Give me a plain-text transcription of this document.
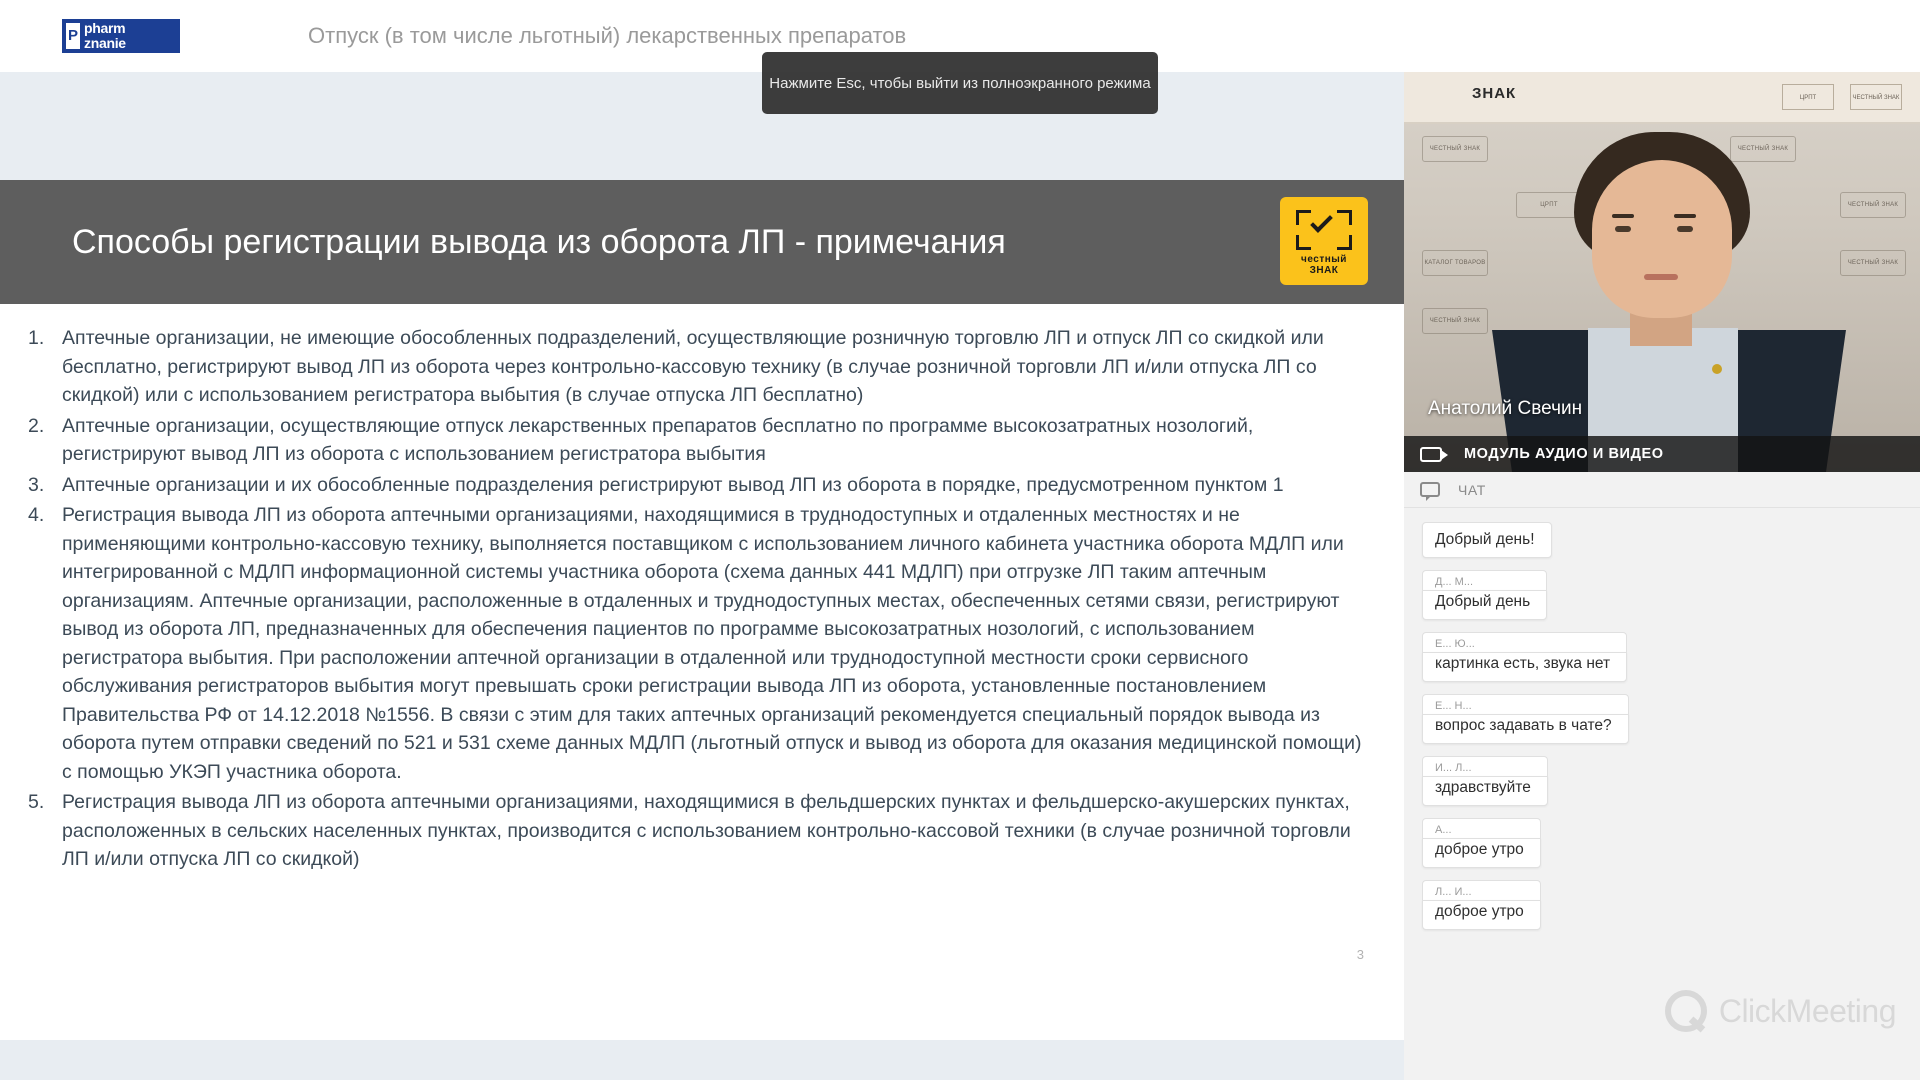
P pharm
znanie	Отпуск (в том числе льготный) лекарственных препаратов
Нажмите Esc, чтобы выйти из полноэкранного режима
Способы регистрации вывода из оборота ЛП - примечания	честный
ЗНАК
Аптечные организации, не имеющие обособленных подразделений, осуществляющие розничную торговлю ЛП и отпуск ЛП со скидкой или бесплатно, регистрируют вывод ЛП из оборота через контрольно-кассовую технику (в случае розничной торговли ЛП и/или отпуска ЛП со скидкой) или с использованием регистратора выбытия (в случае отпуска ЛП бесплатно)
Аптечные организации, осуществляющие отпуск лекарственных препаратов бесплатно по программе высокозатратных нозологий, регистрируют вывод ЛП из оборота с использованием регистратора выбытия
Аптечные организации и их обособленные подразделения регистрируют вывод ЛП из оборота в порядке, предусмотренном пунктом 1
Регистрация вывода ЛП из оборота аптечными организациями, находящимися в труднодоступных и отдаленных местностях и не применяющими контрольно-кассовую технику, выполняется поставщиком с использованием личного кабинета участника оборота МДЛП или интегрированной с МДЛП информационной системы участника оборота (схема данных 441 МДЛП) при отгрузке ЛП таким аптечным организациям. Аптечные организации, расположенные в отдаленных и труднодоступных местах, обеспеченных сетями связи, регистрируют вывод из оборота ЛП, предназначенных для обеспечения пациентов по программе высокозатратных нозологий, с использованием регистратора выбытия. При расположении аптечной организации в отдаленной или труднодоступной местности сроки сервисного обслуживания регистраторов выбытия могут превышать сроки регистрации вывода ЛП из оборота, установленные постановлением Правительства РФ от 14.12.2018 №1556. В связи с этим для таких аптечных организаций рекомендуется специальный порядок вывода из оборота путем отправки сведений по 521 и 531 схеме данных МДЛП (льготный отпуск и вывод из оборота для оказания медицинской помощи) с помощью УКЭП участника оборота.
Регистрация вывода ЛП из оборота аптечными организациями, находящимися в фельдшерских пунктах и фельдшерско-акушерских пунктах, расположенных в сельских населенных пунктах, производится с использованием контрольно-кассовой техники (в случае розничной торговли ЛП и/или отпуска ЛП со скидкой)
3
ЗНАК	ЦРПТ	ЧЕСТНЫЙ ЗНАК
ЧЕСТНЫЙ ЗНАК
ЦРПТ
ЧЕСТНЫЙ ЗНАК
ЧЕСТНЫЙ ЗНАК
КАТАЛОГ ТОВАРОВ
ЧЕСТНЫЙ ЗНАК
ЧЕСТНЫЙ ЗНАК
Анатолий Свечин
МОДУЛЬ АУДИО И ВИДЕО
ЧАТ
Добрый день!
Д... М...
Добрый день
Е... Ю...
картинка есть, звука нет
Е... Н...
вопрос задавать в чате?
И... Л...
здравствуйте
А...
доброе утро
Л... И...
доброе утро
ClickMeeting
